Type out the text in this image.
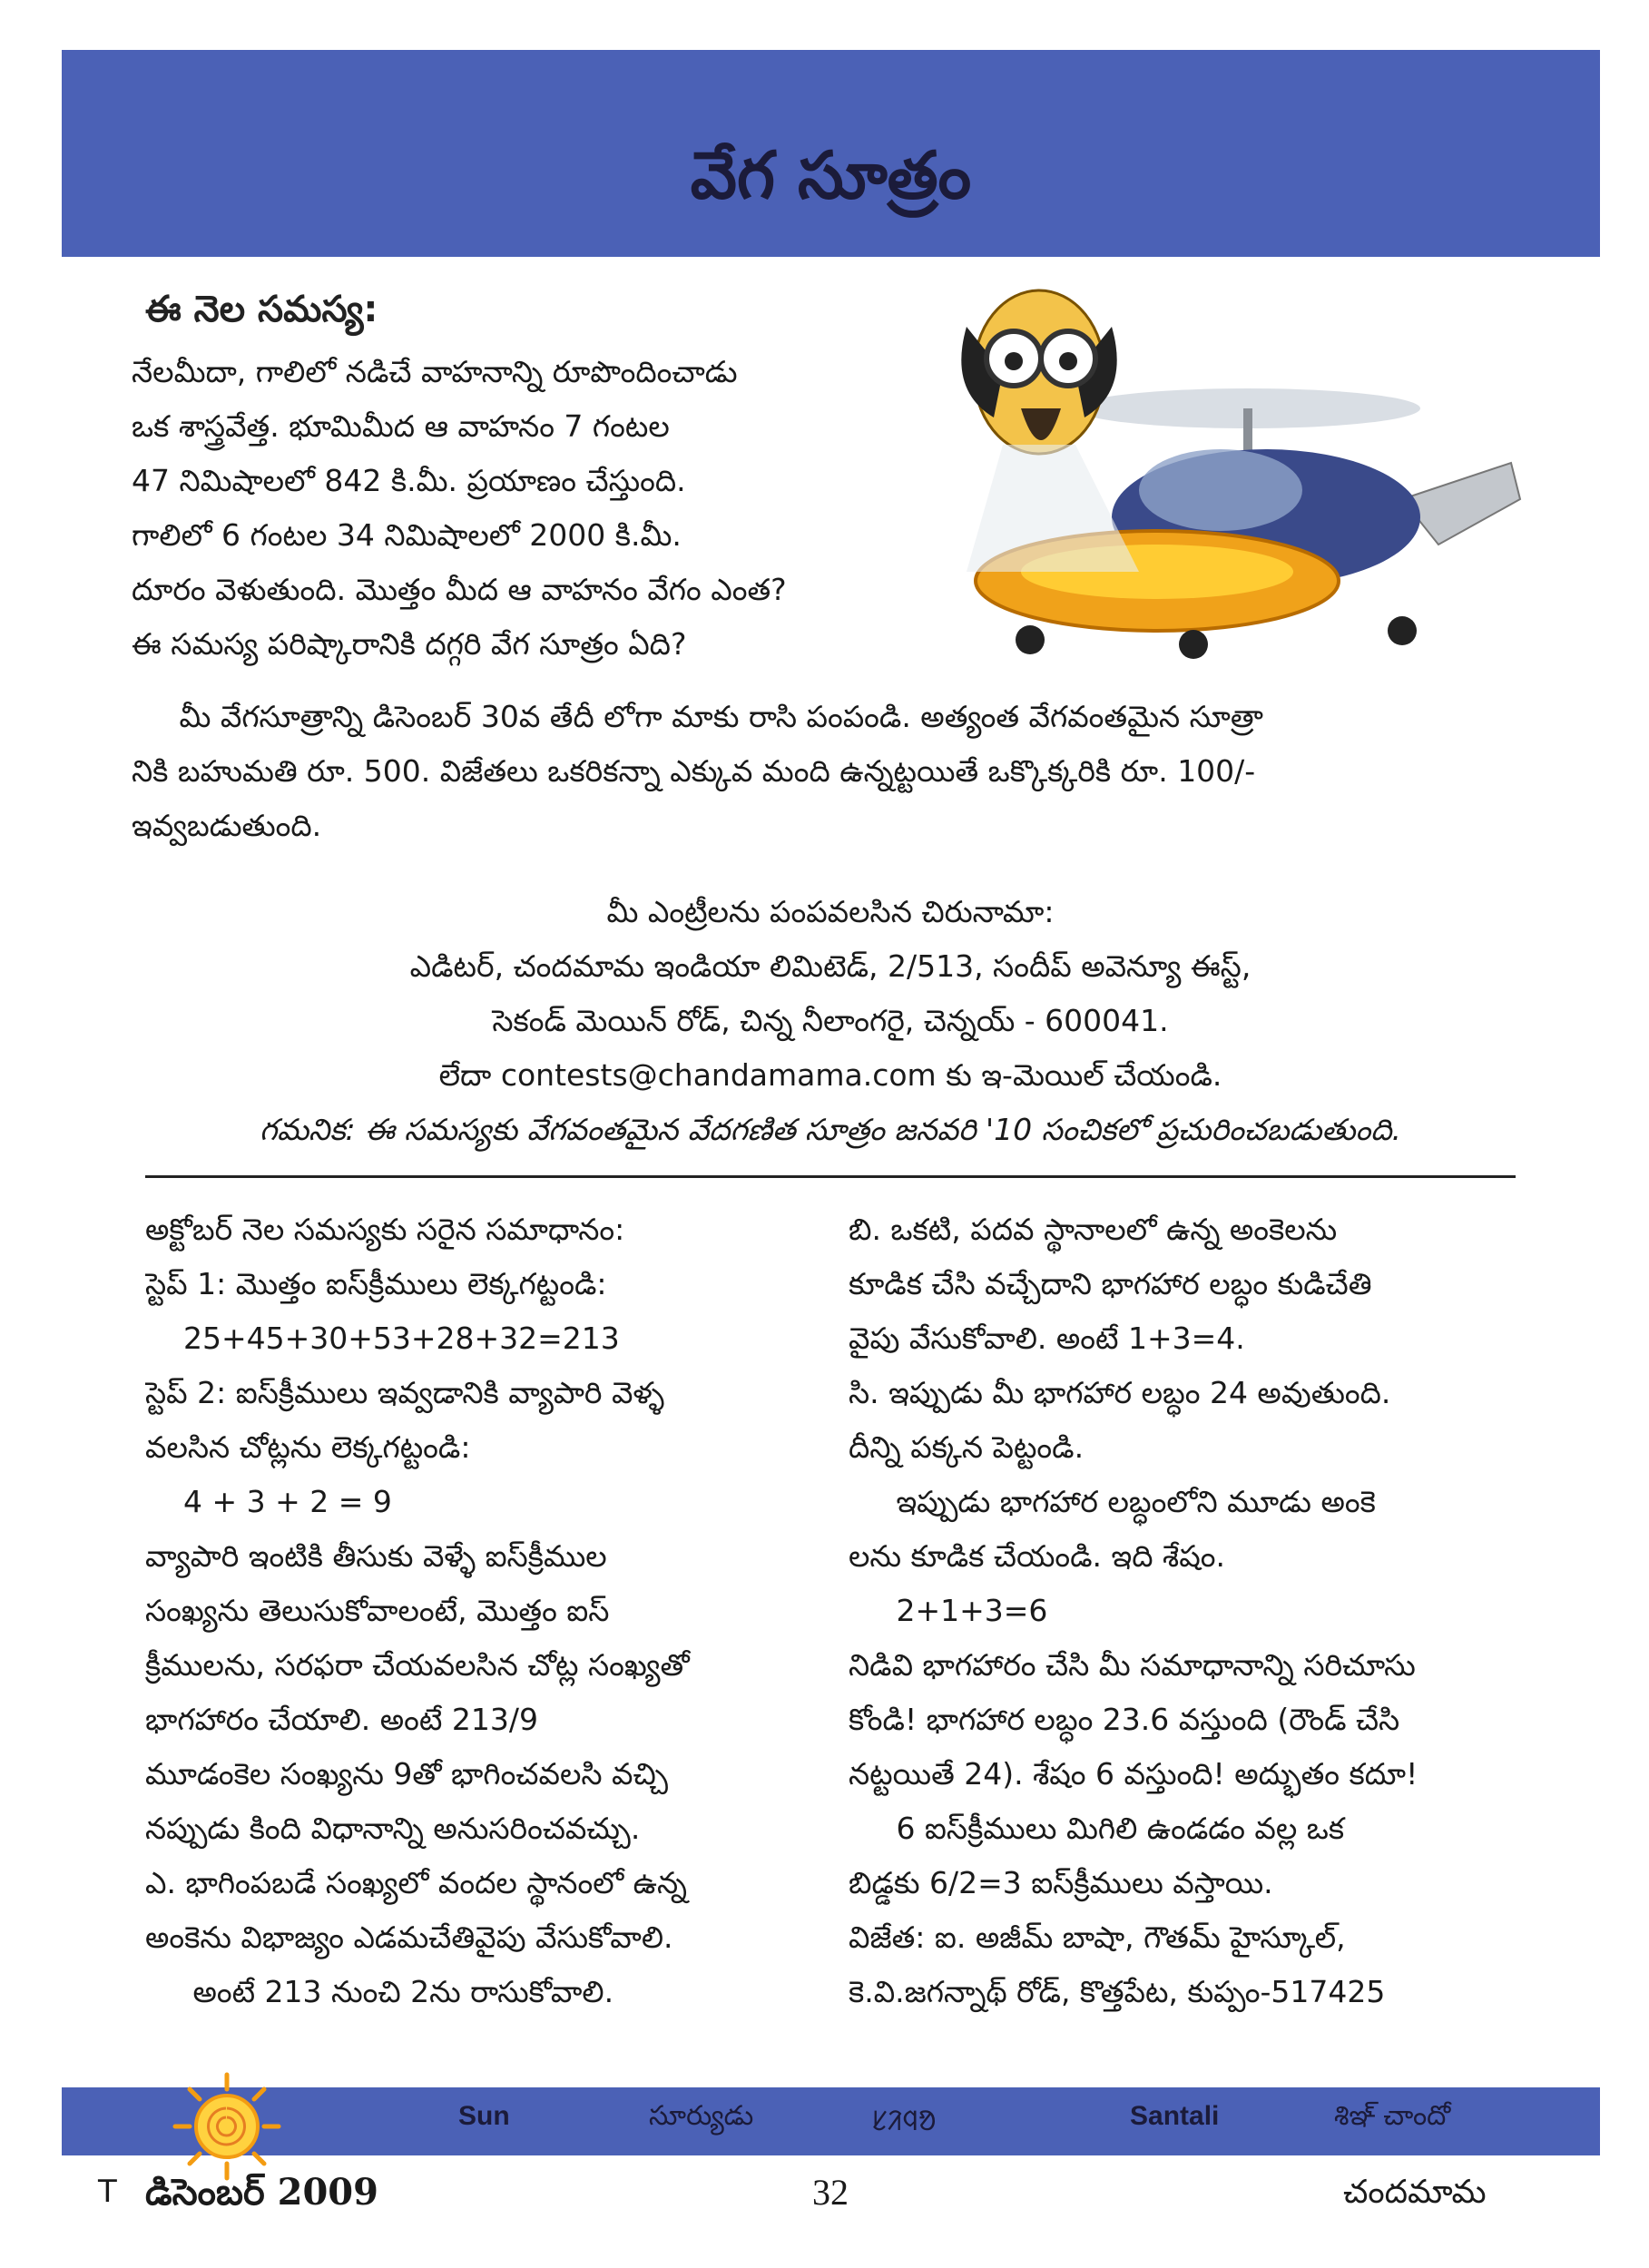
వేగ సూత్రం
ఈ నెల సమస్య:
నేలమీదా, గాలిలో నడిచే వాహనాన్ని రూపొందించాడు
ఒక శాస్త్రవేత్త. భూమిమీద ఆ వాహనం 7 గంటల
47 నిమిషాలలో 842 కి.మీ. ప్రయాణం చేస్తుంది.
గాలిలో 6 గంటల 34 నిమిషాలలో 2000 కి.మీ.
దూరం వెళుతుంది. మొత్తం మీద ఆ వాహనం వేగం ఎంత?
ఈ సమస్య పరిష్కారానికి దగ్గరి వేగ సూత్రం ఏది?
మీ వేగసూత్రాన్ని డిసెంబర్ 30వ తేదీ లోగా మాకు రాసి పంపండి. అత్యంత వేగవంతమైన సూత్రా
నికి బహుమతి రూ. 500. విజేతలు ఒకరికన్నా ఎక్కువ మంది ఉన్నట్టయితే ఒక్కొక్కరికి రూ. 100/-
ఇవ్వబడుతుంది.
మీ ఎంట్రీలను పంపవలసిన చిరునామా:
ఎడిటర్, చందమామ ఇండియా లిమిటెడ్, 2/513, సందీప్ అవెన్యూ ఈస్ట్,
సెకండ్ మెయిన్ రోడ్, చిన్న నీలాంగరై, చెన్నయ్ - 600041.
లేదా contests@chandamama.com కు ఇ-మెయిల్ చేయండి.
గమనిక: ఈ సమస్యకు వేగవంతమైన వేదగణిత సూత్రం జనవరి '10 సంచికలో ప్రచురించబడుతుంది.
అక్టోబర్ నెల సమస్యకు సరైన సమాధానం:
స్టెప్ 1: మొత్తం ఐస్‌క్రీములు లెక్కగట్టండి:
25+45+30+53+28+32=213
స్టెప్ 2: ఐస్‌క్రీములు ఇవ్వడానికి వ్యాపారి వెళ్ళ
వలసిన చోట్లను లెక్కగట్టండి:
4 + 3 + 2 = 9
వ్యాపారి ఇంటికి తీసుకు వెళ్ళే ఐస్‌క్రీముల
సంఖ్యను తెలుసుకోవాలంటే, మొత్తం ఐస్
క్రీములను, సరఫరా చేయవలసిన చోట్ల సంఖ్యతో
భాగహారం చేయాలి. అంటే 213/9
మూడంకెల సంఖ్యను 9తో భాగించవలసి వచ్చి
నప్పుడు కింది విధానాన్ని అనుసరించవచ్చు.
ఎ. భాగింపబడే సంఖ్యలో వందల స్థానంలో ఉన్న
అంకెను విభాజ్యం ఎడమచేతివైపు వేసుకోవాలి.
అంటే 213 నుంచి 2ను రాసుకోవాలి.
బి. ఒకటి, పదవ స్థానాలలో ఉన్న అంకెలను
కూడిక చేసి వచ్చేదాని భాగహార లబ్ధం కుడిచేతి
వైపు వేసుకోవాలి. అంటే 1+3=4.
సి. ఇప్పుడు మీ భాగహార లబ్ధం 24 అవుతుంది.
దీన్ని పక్కన పెట్టండి.
ఇప్పుడు భాగహార లబ్ధంలోని మూడు అంకె
లను కూడిక చేయండి. ఇది శేషం.
2+1+3=6
నిడివి భాగహారం చేసి మీ సమాధానాన్ని సరిచూసు
కోండి! భాగహార లబ్ధం 23.6 వస్తుంది (రౌండ్ చేసి
నట్టయితే 24). శేషం 6 వస్తుంది! అద్భుతం కదూ!
6 ఐస్‌క్రీములు మిగిలి ఉండడం వల్ల ఒక
బిడ్డకు 6/2=3 ఐస్‌క్రీములు వస్తాయి.
విజేత: ఐ. అజీమ్ బాషా, గౌతమ్ హైస్కూల్,
కె.వి.జగన్నాథ్ రోడ్, కొత్తపేట, కుప్పం-517425
Sun	సూర్యుడు	ᱥᱤᱧᱚ	Santali	శిఞ్ చాందో
T డిసెంబర్ 2009	32	చందమామ
